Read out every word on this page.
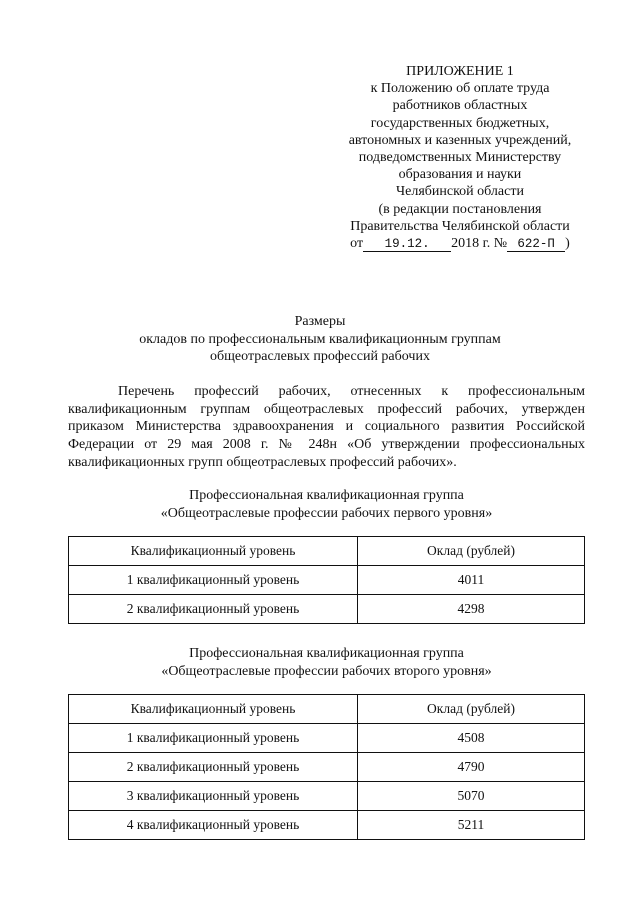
ПРИЛОЖЕНИЕ 1
к Положению об оплате труда
работников областных
государственных бюджетных,
автономных и казенных учреждений,
подведомственных Министерству
образования и науки
Челябинской области
(в редакции постановления
Правительства Челябинской области
от 19.12. 2018 г. № 622-П )
Размеры
окладов по профессиональным квалификационным группам
общеотраслевых профессий рабочих
Перечень профессий рабочих, отнесенных к профессиональным квалификационным группам общеотраслевых профессий рабочих, утвержден приказом Министерства здравоохранения и социального развития Российской Федерации от 29 мая 2008 г. № 248н «Об утверждении профессиональных квалификационных групп общеотраслевых профессий рабочих».
Профессиональная квалификационная группа
«Общеотраслевые профессии рабочих первого уровня»
Квалификационный уровень	Оклад (рублей)
1 квалификационный уровень	4011
2 квалификационный уровень	4298
Профессиональная квалификационная группа
«Общеотраслевые профессии рабочих второго уровня»
Квалификационный уровень	Оклад (рублей)
1 квалификационный уровень	4508
2 квалификационный уровень	4790
3 квалификационный уровень	5070
4 квалификационный уровень	5211
